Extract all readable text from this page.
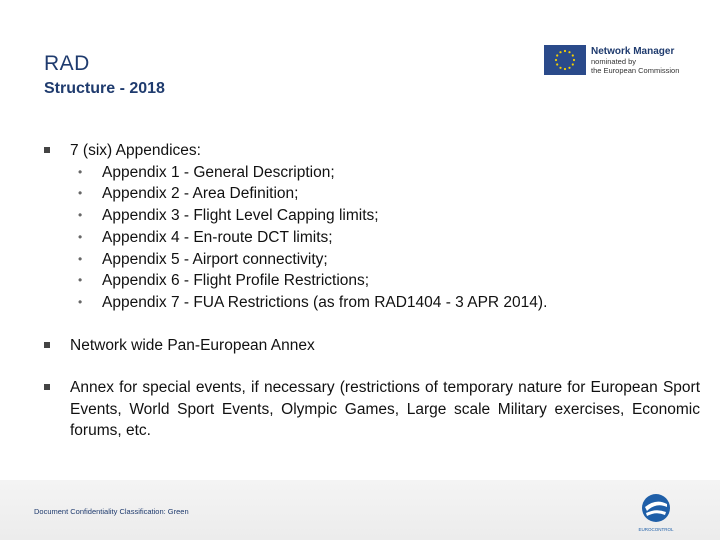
RAD
Structure - 2018
Network Manager
nominated by
the European Commission
7 (six) Appendices:
• Appendix 1 - General Description;
• Appendix 2 - Area Definition;
• Appendix 3 - Flight Level Capping limits;
• Appendix 4 - En-route DCT limits;
• Appendix 5 - Airport connectivity;
• Appendix 6 - Flight Profile Restrictions;
• Appendix 7 - FUA Restrictions (as from RAD1404 - 3 APR 2014).
Network wide Pan-European Annex
Annex for special events, if necessary (restrictions of temporary nature for European Sport Events, World Sport Events, Olympic Games, Large scale Military exercises, Economic forums, etc.
Document Confidentiality Classification: Green
EUROCONTROL
